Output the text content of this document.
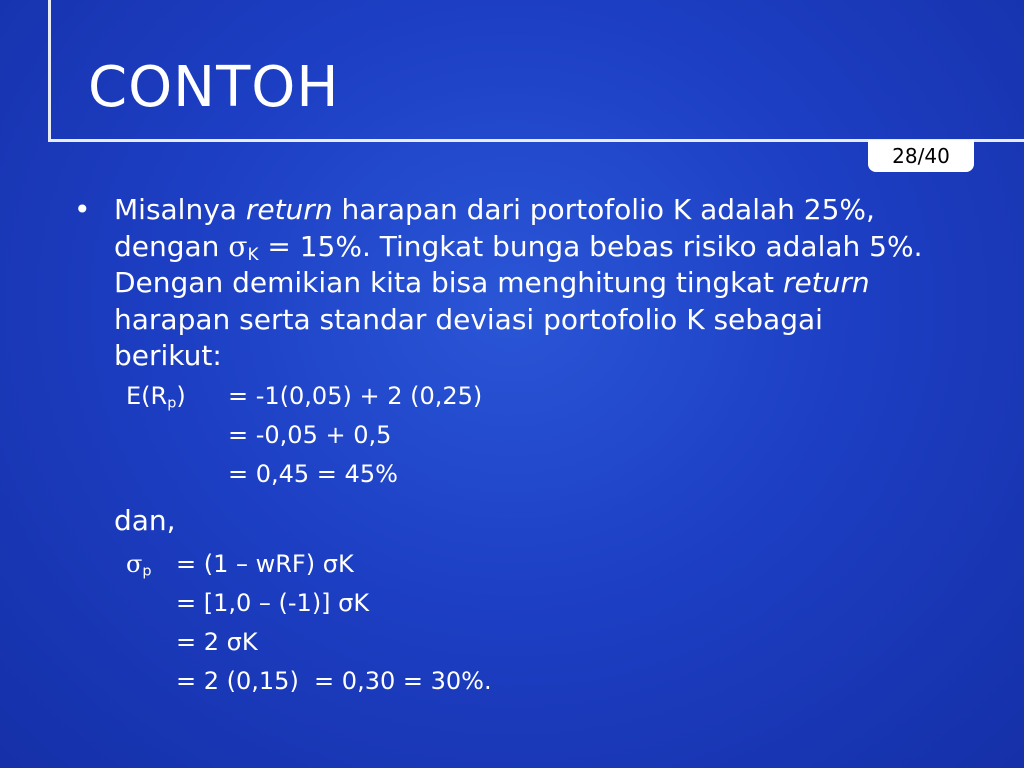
CONTOH
28/40
• Misalnya return harapan dari portofolio K adalah 25%,
dengan $\sigma_K = 15\%$. Tingkat bunga bebas risiko adalah 5%.
Dengan demikian kita bisa menghitung tingkat return
harapan serta standar deviasi portofolio K sebagai
berikut:
$E(R_p) = -1(0,05) + 2$ (0,25)
= -0,05 + 0,5
= 0,45 = 45%
dan,
$\sigma_p = (1 - wRF)$ σK
= [1,0 – (-1)] σK
= 2 σK
= 2 (0,15)  = 0,30 = 30%.
